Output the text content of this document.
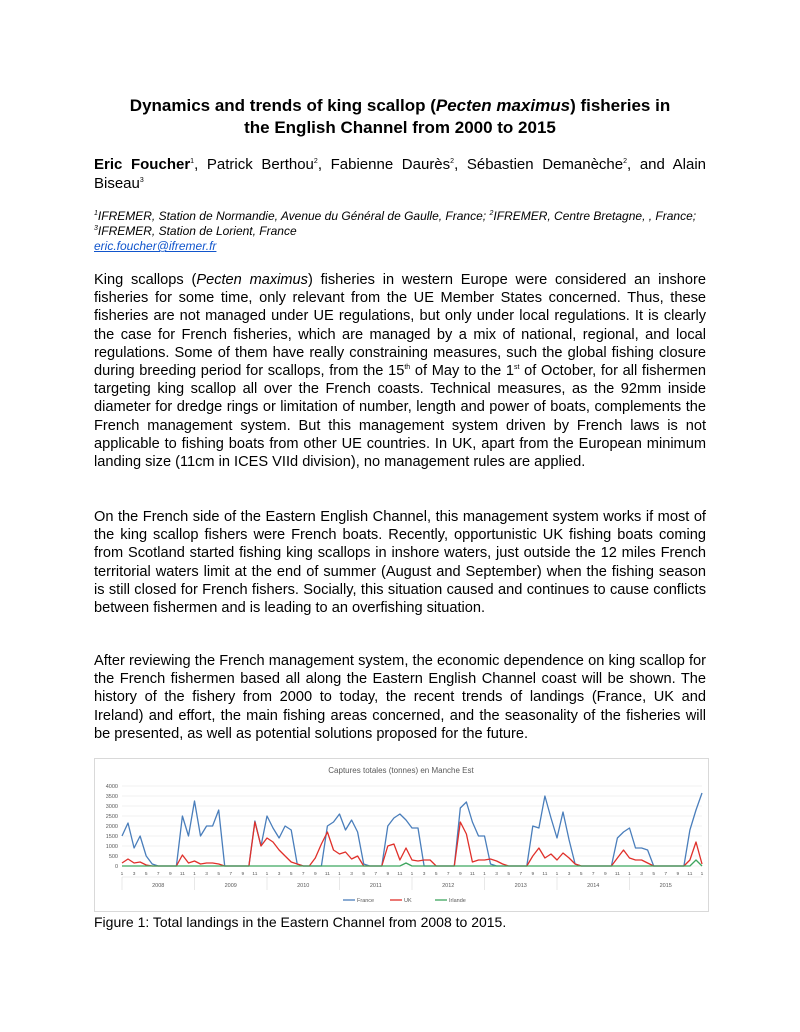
Dynamics and trends of king scallop (Pecten maximus) fisheries in
the English Channel from 2000 to 2015
Eric Foucher$^1$, Patrick Berthou$^2$, Fabienne Daurès$^2$, Sébastien Demanèche$^2$, and Alain Biseau$^3$
$^1$IFREMER, Station de Normandie, Avenue du Général de Gaulle, France; $^2$IFREMER, Centre Bretagne, , France; $^3$IFREMER, Station de Lorient, France
eric.foucher@ifremer.fr
King scallops (Pecten maximus) fisheries in western Europe were considered an inshore fisheries for some time, only relevant from the UE Member States concerned. Thus, these fisheries are not managed under UE regulations, but only under local regulations. It is clearly the case for French fisheries, which are managed by a mix of national, regional, and local regulations. Some of them have really constraining measures, such the global fishing closure during breeding period for scallops, from the 15th of May to the 1st of October, for all fishermen targeting king scallop all over the French coasts. Technical measures, as the 92mm inside diameter for dredge rings or limitation of number, length and power of boats, complements the French management system. But this management system driven by French laws is not applicable to fishing boats from other UE countries. In UK, apart from the European minimum landing size (11cm in ICES VIId division), no management rules are applied.
On the French side of the Eastern English Channel, this management system works if most of the king scallop fishers were French boats. Recently, opportunistic UK fishing boats coming from Scotland started fishing king scallops in inshore waters, just outside the 12 miles French territorial waters limit at the end of summer (August and September) when the fishing season is still closed for French fishers. Socially, this situation caused and continues to cause conflicts between fishermen and is leading to an overfishing situation.
After reviewing the French management system, the economic dependence on king scallop for the French fishermen based all along the Eastern English Channel coast will be shown. The history of the fishery from 2000 to today, the recent trends of landings (France, UK and Ireland) and effort, the main fishing areas concerned, and the seasonality of the fisheries will be presented, as well as potential solutions proposed for the future.
Captures totales (tonnes) en Manche Est
0
500
1000
1500
2000
2500
3000
3500
4000
1 3 5 7 9 11 1 3 5 7 9 11 1 3 5 7 9 11 1 3 5 7 9 11 1 3 5 7 9 11 1 3 5 7 9 11 1 3 5 7 9 11 1 3 5 7 9 11 1
2008	2009	2010	2011	2012	2013	2014	2015
France	UK	Irlande
Figure 1: Total landings in the Eastern Channel from 2008 to 2015.
